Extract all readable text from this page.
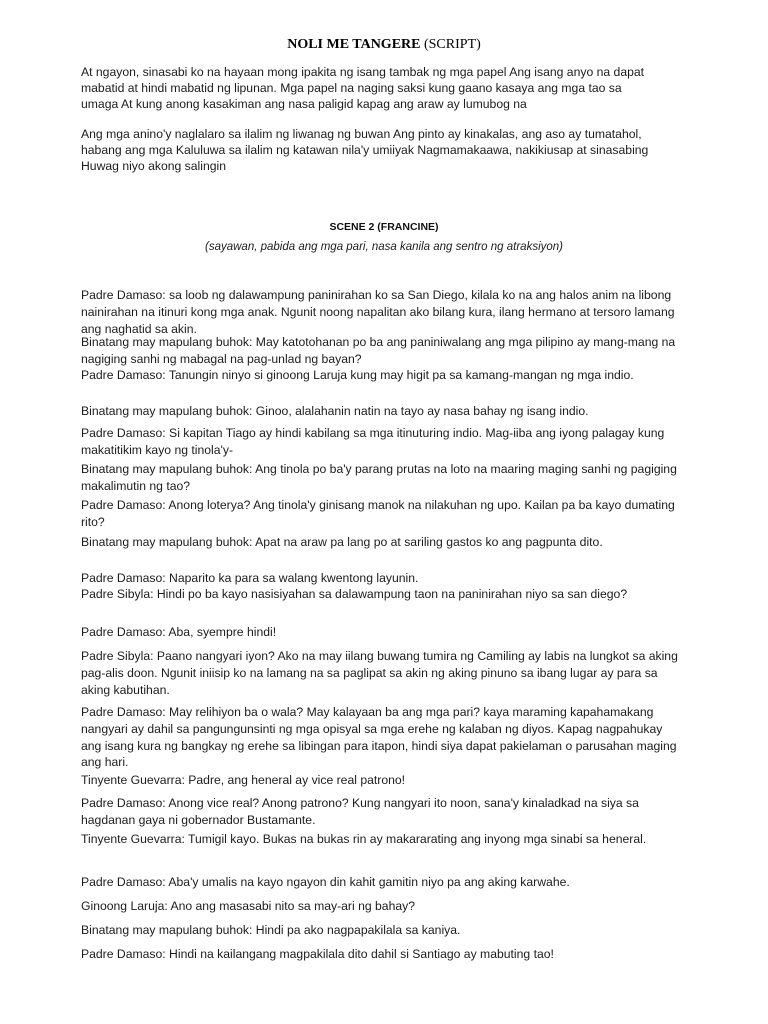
NOLI ME TANGERE (SCRIPT)

At ngayon, sinasabi ko na hayaan mong ipakita ng isang tambak ng mga papel Ang isang anyo na dapat mabatid at hindi mabatid ng lipunan. Mga papel na naging saksi kung gaano kasaya ang mga tao sa umaga At kung anong kasakiman ang nasa paligid kapag ang araw ay lumubog na

Ang mga anino'y naglalaro sa ilalim ng liwanag ng buwan Ang pinto ay kinakalas, ang aso ay tumatahol, habang ang mga Kaluluwa sa ilalim ng katawan nila'y umiiyak Nagmamakaawa, nakikiusap at sinasabing Huwag niyo akong salingin

SCENE 2 (FRANCINE)
(sayawan, pabida ang mga pari, nasa kanila ang sentro ng atraksiyon)

Padre Damaso: sa loob ng dalawampung paninirahan ko sa San Diego, kilala ko na ang halos anim na libong nainirahan na itinuri kong mga anak. Ngunit noong napalitan ako bilang kura, ilang hermano at tersoro lamang ang naghatid sa akin.

Binatang may mapulang buhok: May katotohanan po ba ang paniniwalang ang mga pilipino ay mang-mang na nagiging sanhi ng mabagal na pag-unlad ng bayan?

Padre Damaso: Tanungin ninyo si ginoong Laruja kung may higit pa sa kamang-mangan ng mga indio.

Binatang may mapulang buhok: Ginoo, alalahanin natin na tayo ay nasa bahay ng isang indio.

Padre Damaso: Si kapitan Tiago ay hindi kabilang sa mga itinuturing indio. Mag-iiba ang iyong palagay kung makatitikim kayo ng tinola'y-

Binatang may mapulang buhok: Ang tinola po ba'y parang prutas na loto na maaring maging sanhi ng pagiging makalimutin ng tao?

Padre Damaso: Anong loterya? Ang tinola'y ginisang manok na nilakuhan ng upo. Kailan pa ba kayo dumating rito?

Binatang may mapulang buhok: Apat na araw pa lang po at sariling gastos ko ang pagpunta dito.

Padre Damaso: Naparito ka para sa walang kwentong layunin.

Padre Sibyla: Hindi po ba kayo nasisiyahan sa dalawampung taon na paninirahan niyo sa san diego?

Padre Damaso: Aba, syempre hindi!

Padre Sibyla: Paano nangyari iyon? Ako na may iilang buwang tumira ng Camiling ay labis na lungkot sa aking pag-alis doon. Ngunit iniisip ko na lamang na sa paglipat sa akin ng aking pinuno sa ibang lugar ay para sa aking kabutihan.

Padre Damaso: May relihiyon ba o wala? May kalayaan ba ang mga pari? kaya maraming kapahamakang nangyari ay dahil sa pangungunsinti ng mga opisyal sa mga erehe ng kalaban ng diyos. Kapag nagpahukay ang isang kura ng bangkay ng erehe sa libingan para itapon, hindi siya dapat pakielaman o parusahan maging ang hari.

Tinyente Guevarra: Padre, ang heneral ay vice real patrono!

Padre Damaso: Anong vice real? Anong patrono? Kung nangyari ito noon, sana'y kinaladkad na siya sa hagdanan gaya ni gobernador Bustamante.

Tinyente Guevarra: Tumigil kayo. Bukas na bukas rin ay makararating ang inyong mga sinabi sa heneral.

Padre Damaso: Aba'y umalis na kayo ngayon din kahit gamitin niyo pa ang aking karwahe.

Ginoong Laruja: Ano ang masasabi nito sa may-ari ng bahay?

Binatang may mapulang buhok: Hindi pa ako nagpapakilala sa kaniya.

Padre Damaso: Hindi na kailangang magpakilala dito dahil si Santiago ay mabuting tao!
